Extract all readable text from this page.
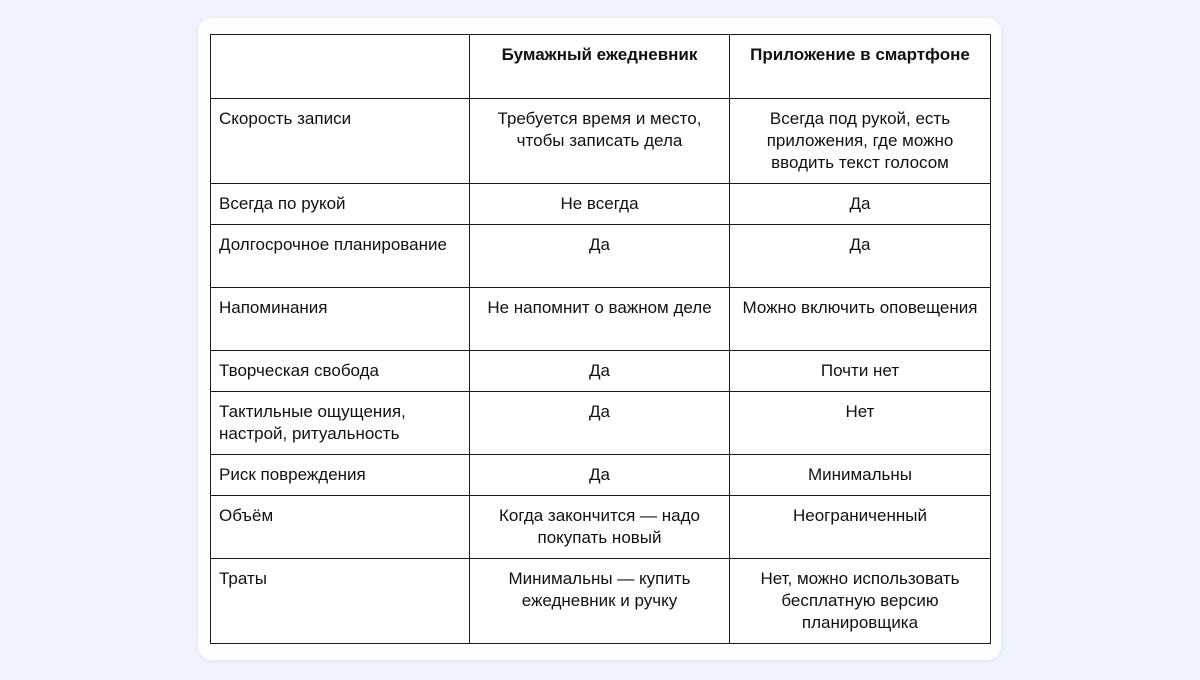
	Бумажный ежедневник	Приложение в смартфоне
Скорость записи	Требуется время и место, чтобы записать дела	Всегда под рукой, есть приложения, где можно вводить текст голосом
Всегда по рукой	Не всегда	Да
Долгосрочное планирование	Да	Да
Напоминания	Не напомнит о важном деле	Можно включить оповещения
Творческая свобода	Да	Почти нет
Тактильные ощущения, настрой, ритуальность	Да	Нет
Риск повреждения	Да	Минимальны
Объём	Когда закончится — надо покупать новый	Неограниченный
Траты	Минимальны — купить ежедневник и ручку	Нет, можно использовать бесплатную версию планировщика
